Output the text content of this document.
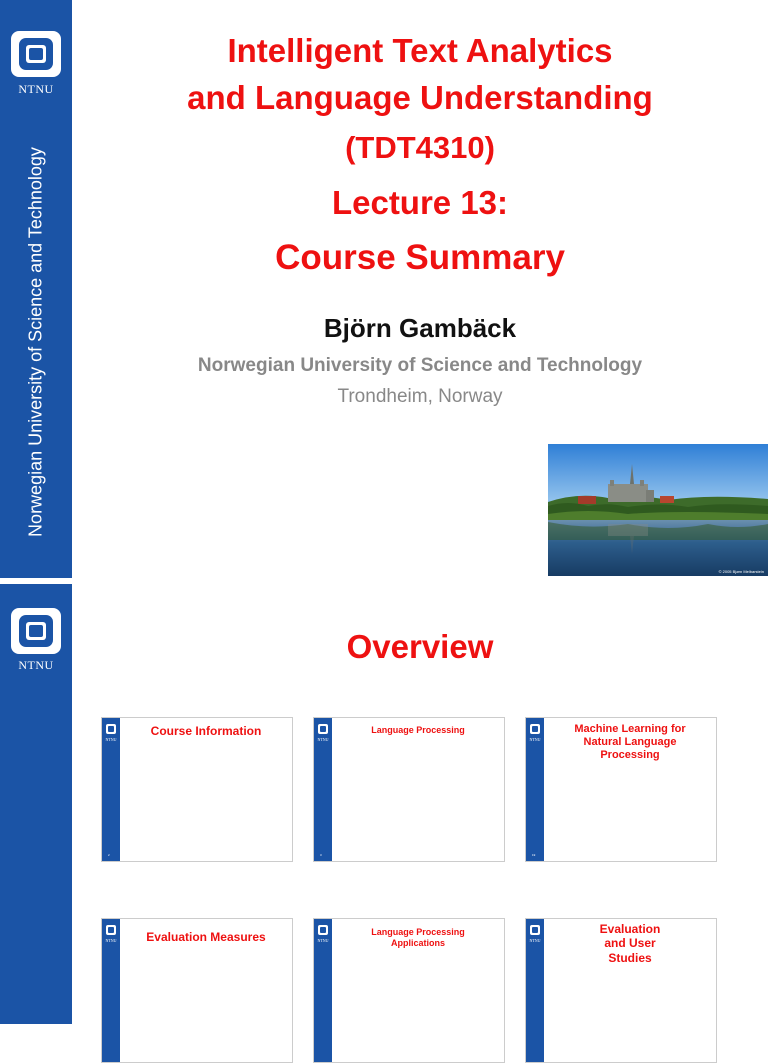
NTNU
Norwegian University of Science and Technology
Intelligent Text Analytics
and Language Understanding
(TDT4310)
Lecture 13:
Course Summary
Björn Gambäck
Norwegian University of Science and Technology
Trondheim, Norway
© 2005 Bjørn Melbarstein
NTNU	Overview
NTNU
Course Information
2
NTNU
Language Processing
3
NTNU
Machine Learning for Natural Language Processing
19
NTNU	Evaluation Measures	NTNU
Language Processing Applications	NTNU
Evaluation and User Studies
